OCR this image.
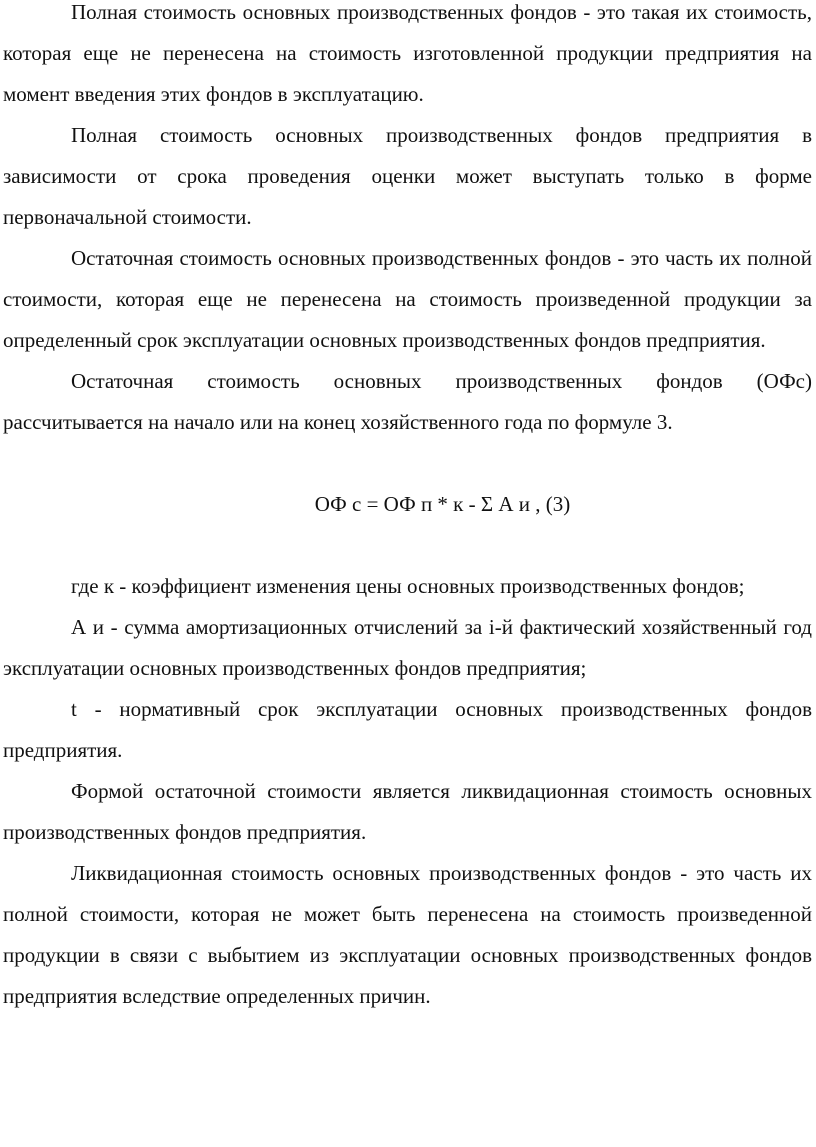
Полная стоимость основных производственных фондов - это такая их стоимость, которая еще не перенесена на стоимость изготовленной продукции предприятия на момент введения этих фондов в эксплуатацию.

Полная стоимость основных производственных фондов предприятия в зависимости от срока проведения оценки может выступать только в форме первоначальной стоимости.

Остаточная стоимость основных производственных фондов - это часть их полной стоимости, которая еще не перенесена на стоимость произведенной продукции за определенный срок эксплуатации основных производственных фондов предприятия.

Остаточная стоимость основных производственных фондов (ОФс) рассчитывается на начало или на конец хозяйственного года по формуле 3.

ОФ с = ОФ п * к - Σ А и , (3)

где к - коэффициент изменения цены основных производственных фондов;

А и - сумма амортизационных отчислений за i-й фактический хозяйственный год эксплуатации основных производственных фондов предприятия;

t - нормативный срок эксплуатации основных производственных фондов предприятия.

Формой остаточной стоимости является ликвидационная стоимость основных производственных фондов предприятия.

Ликвидационная стоимость основных производственных фондов - это часть их полной стоимости, которая не может быть перенесена на стоимость произведенной продукции в связи с выбытием из эксплуатации основных производственных фондов предприятия вследствие определенных причин.
